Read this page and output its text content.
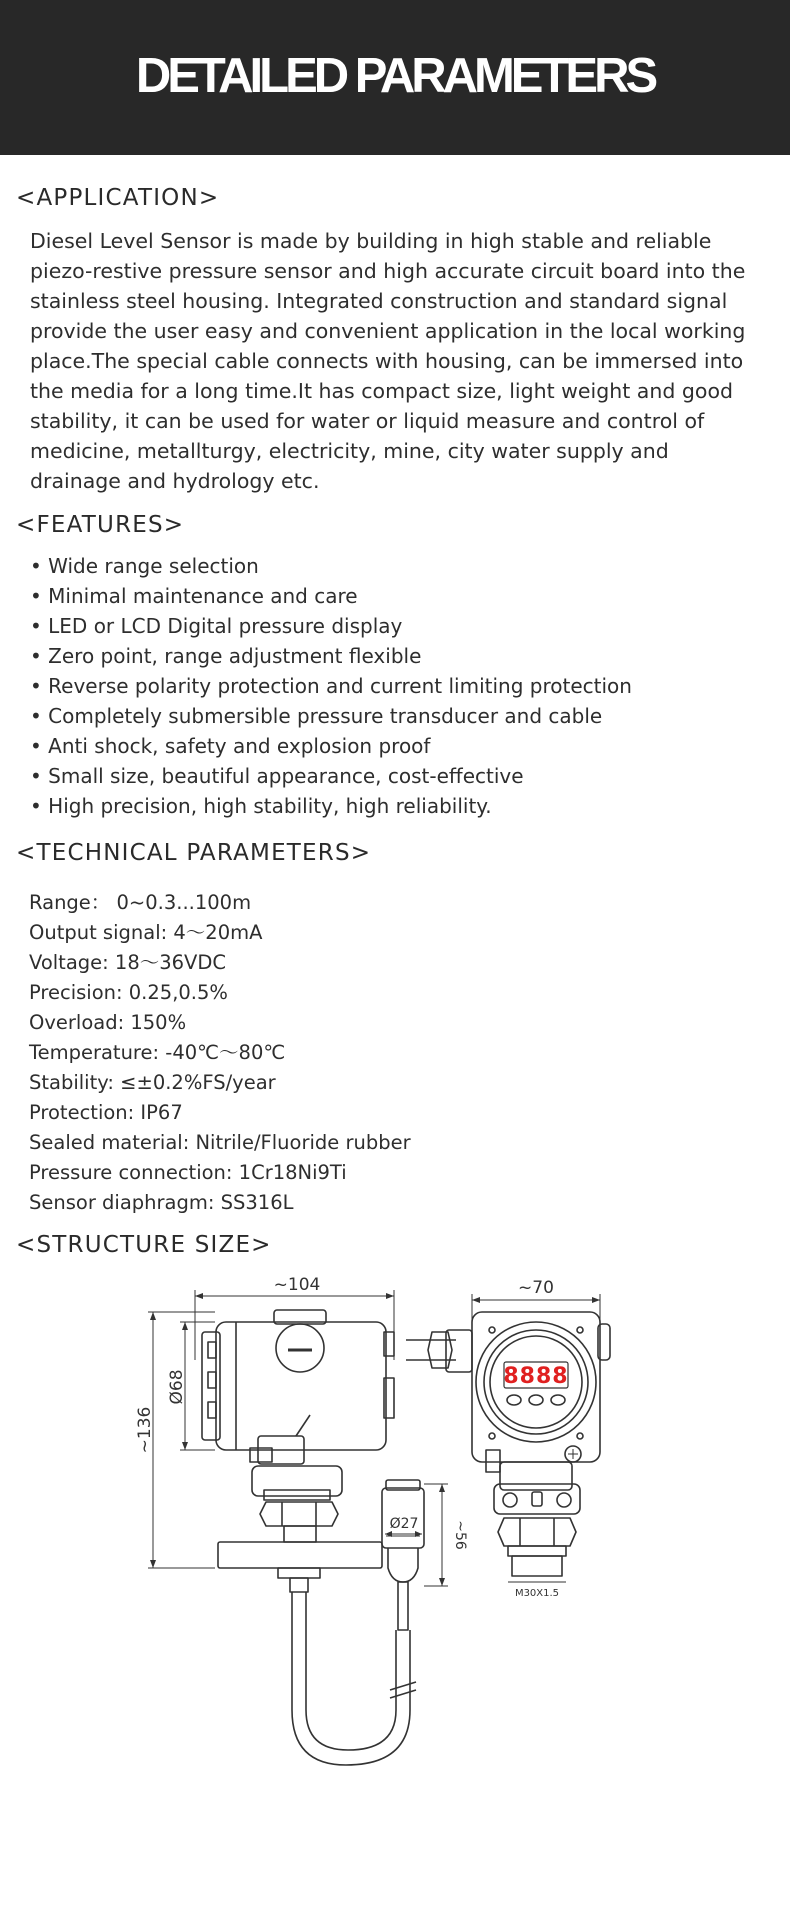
DETAILED PARAMETERS
<APPLICATION>
Diesel Level Sensor is made by building in high stable and reliable
piezo-restive pressure sensor and high accurate circuit board into the
stainless steel housing. Integrated construction and standard signal
provide the user easy and convenient application in the local working
place.The special cable connects with housing, can be immersed into
the media for a long time.It has compact size, light weight and good
stability, it can be used for water or liquid measure and control of
medicine, metallturgy, electricity, mine, city water supply and
drainage and hydrology etc.
<FEATURES>
• Wide range selection
• Minimal maintenance and care
• LED or LCD Digital pressure display
• Zero point, range adjustment flexible
• Reverse polarity protection and current limiting protection
• Completely submersible pressure transducer and cable
• Anti shock, safety and explosion proof
• Small size, beautiful appearance, cost-effective
• High precision, high stability, high reliability.
<TECHNICAL PARAMETERS>
Range： 0~0.3...100m
Output signal: 4～20mA
Voltage: 18～36VDC
Precision: 0.25,0.5%
Overload: 150%
Temperature: -40℃～80℃
Stability: ≤±0.2%FS/year
Protection: IP67
Sealed material: Nitrile/Fluoride rubber
Pressure connection: 1Cr18Ni9Ti
Sensor diaphragm: SS316L
<STRUCTURE SIZE>
~104
~136
Ø68
Ø27 ~56
~70
8888
M30X1.5
